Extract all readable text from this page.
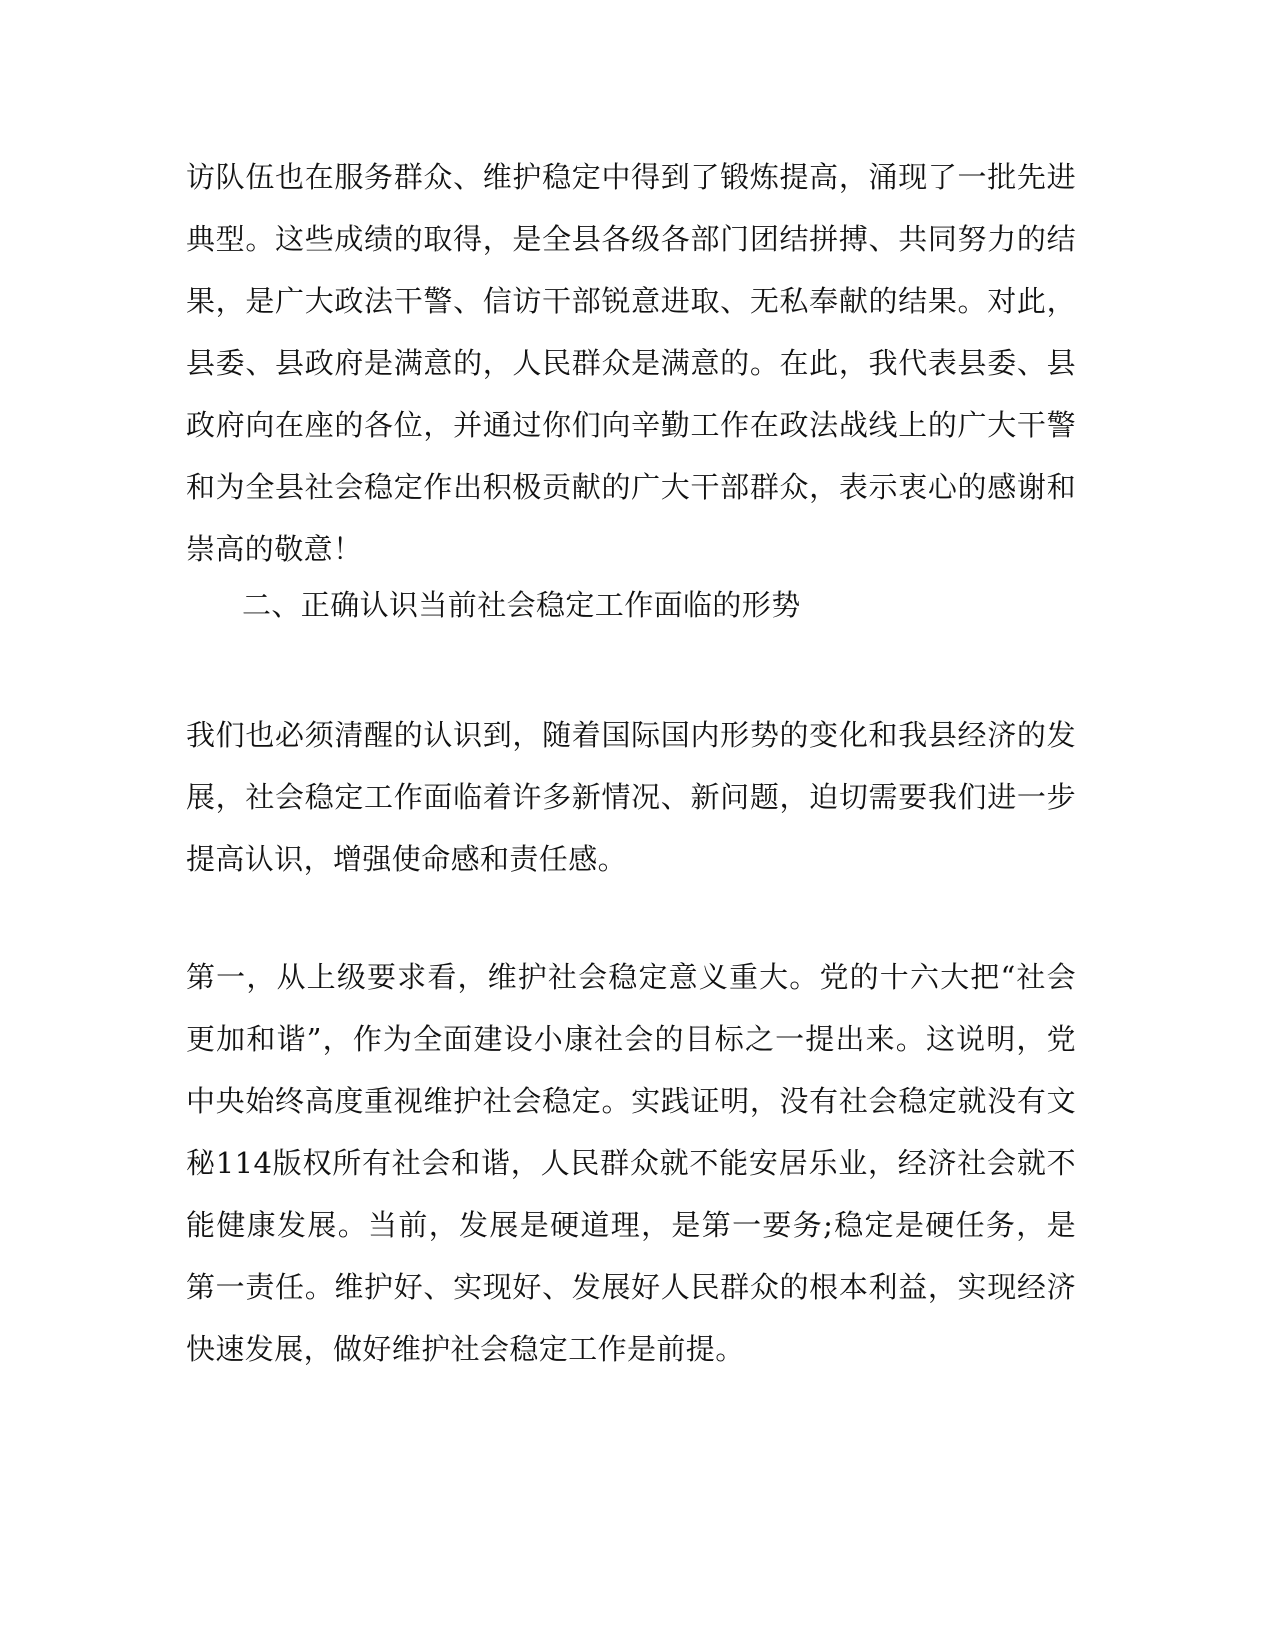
访队伍也在服务群众、维护稳定中得到了锻炼提高，涌现了一批先进典型。这些成绩的取得，是全县各级各部门团结拼搏、共同努力的结果，是广大政法干警、信访干部锐意进取、无私奉献的结果。对此，县委、县政府是满意的，人民群众是满意的。在此，我代表县委、县政府向在座的各位，并通过你们向辛勤工作在政法战线上的广大干警和为全县社会稳定作出积极贡献的广大干部群众，表示衷心的感谢和崇高的敬意！

二、正确认识当前社会稳定工作面临的形势

我们也必须清醒的认识到，随着国际国内形势的变化和我县经济的发展，社会稳定工作面临着许多新情况、新问题，迫切需要我们进一步提高认识，增强使命感和责任感。

第一，从上级要求看，维护社会稳定意义重大。党的十六大把“社会更加和谐”，作为全面建设小康社会的目标之一提出来。这说明，党中央始终高度重视维护社会稳定。实践证明，没有社会稳定就没有文秘114版权所有社会和谐，人民群众就不能安居乐业，经济社会就不能健康发展。当前，发展是硬道理，是第一要务;稳定是硬任务，是第一责任。维护好、实现好、发展好人民群众的根本利益，实现经济快速发展，做好维护社会稳定工作是前提。
